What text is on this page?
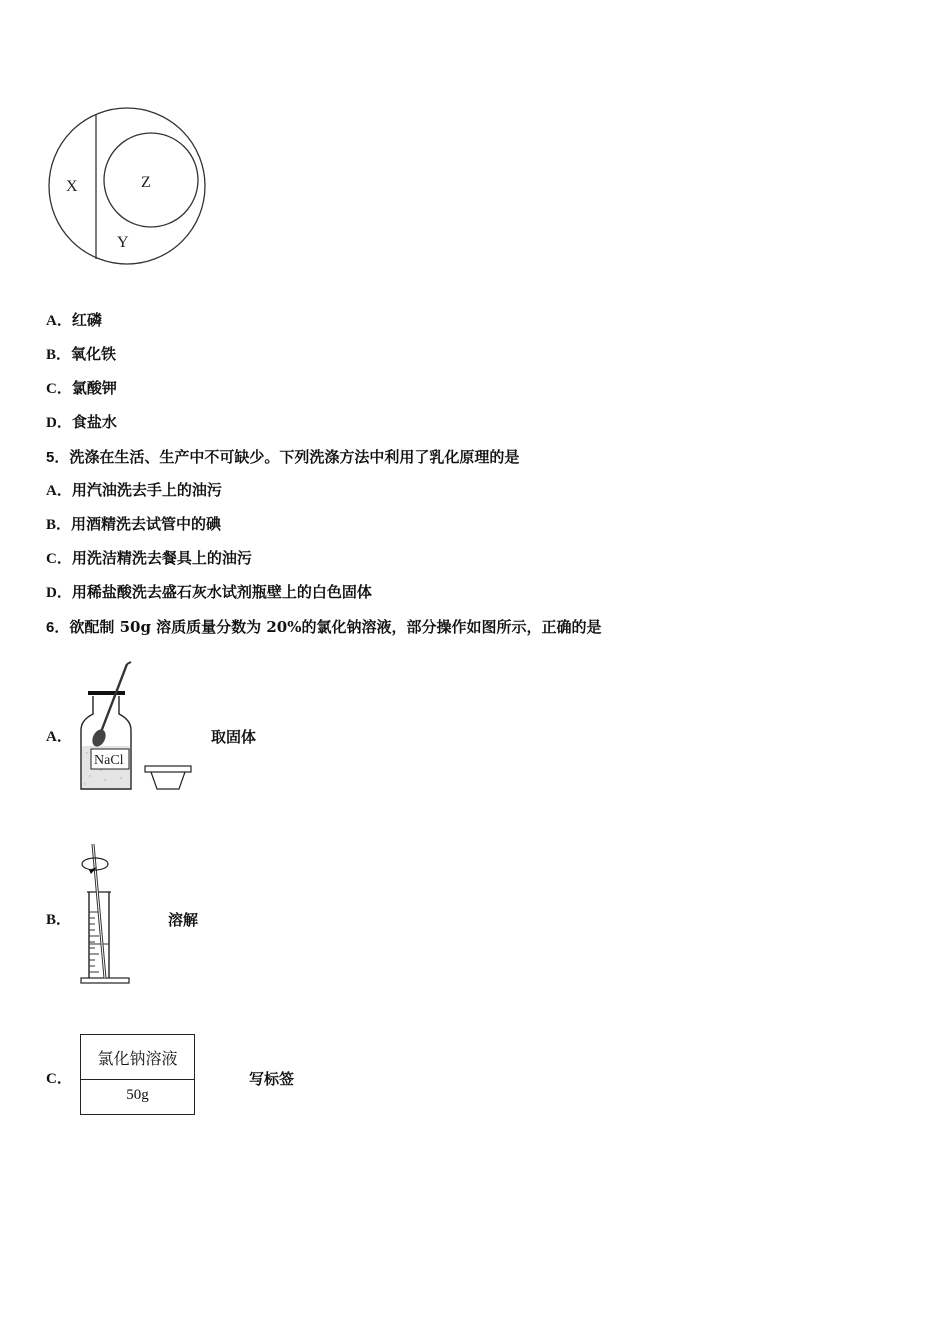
X	Z
Y
A．红磷
B．氧化铁
C．氯酸钾
D．食盐水
5．洗涤在生活、生产中不可缺少。下列洗涤方法中利用了乳化原理的是
A．用汽油洗去手上的油污
B．用酒精洗去试管中的碘
C．用洗洁精洗去餐具上的油污
D．用稀盐酸洗去盛石灰水试剂瓶壁上的白色固体
6．欲配制 50g 溶质质量分数为 20%的氯化钠溶液，部分操作如图所示，正确的是
A．
NaCl
取固体
B．	溶解
C．
氯化钠溶液
50g
写标签
